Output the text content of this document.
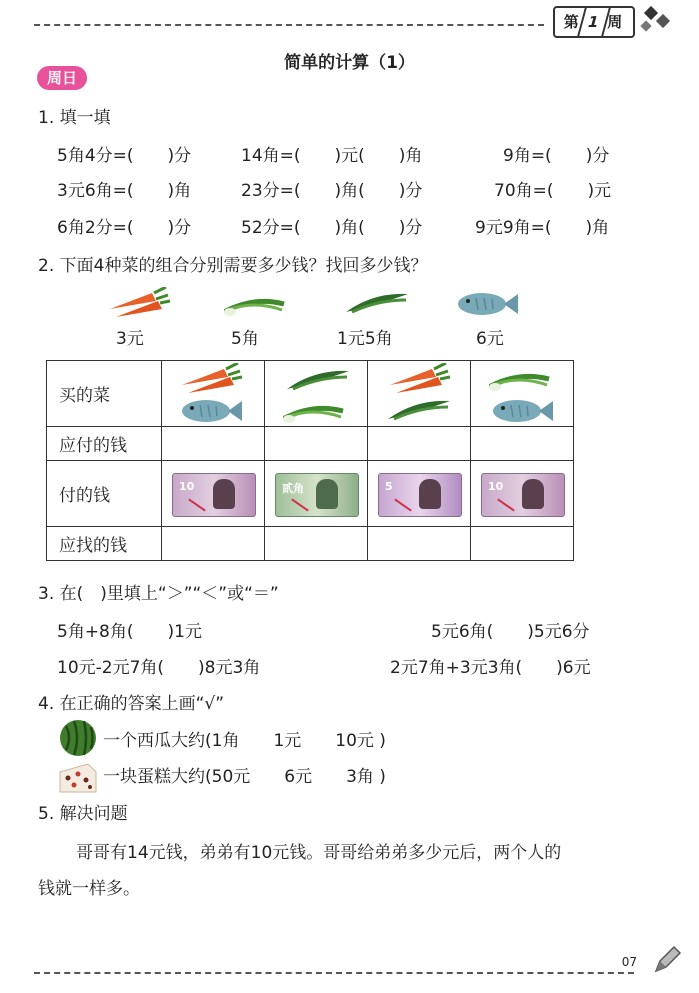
第 1 周
简单的计算（1）
周日
1. 填一填
5角4分=(　　)分	14角=(　　)元(　　)角	9角=(　　)分
3元6角=(　　)角	23分=(　　)角(　　)分	70角=(　　)元
6角2分=(　　)分	52分=(　　)角(　　)分	9元9角=(　　)角
2. 下面4种菜的组合分别需要多少钱？找回多少钱？
3元	5角	1元5角	6元
买的菜	

应付的钱				
付的钱	10	贰角	5	10

应找的钱				
3. 在(　)里填上“＞”“＜”或“＝”
5角+8角(　　)1元	5元6角(　　)5元6分
10元-2元7角(　　)8元3角	2元7角+3元3角(　　)6元
4. 在正确的答案上画“√”
一个西瓜大约(1角　　1元　　10元 )
一块蛋糕大约(50元　　6元　　3角 )
5. 解决问题
哥哥有14元钱，弟弟有10元钱。哥哥给弟弟多少元后，两个人的
钱就一样多。
07
